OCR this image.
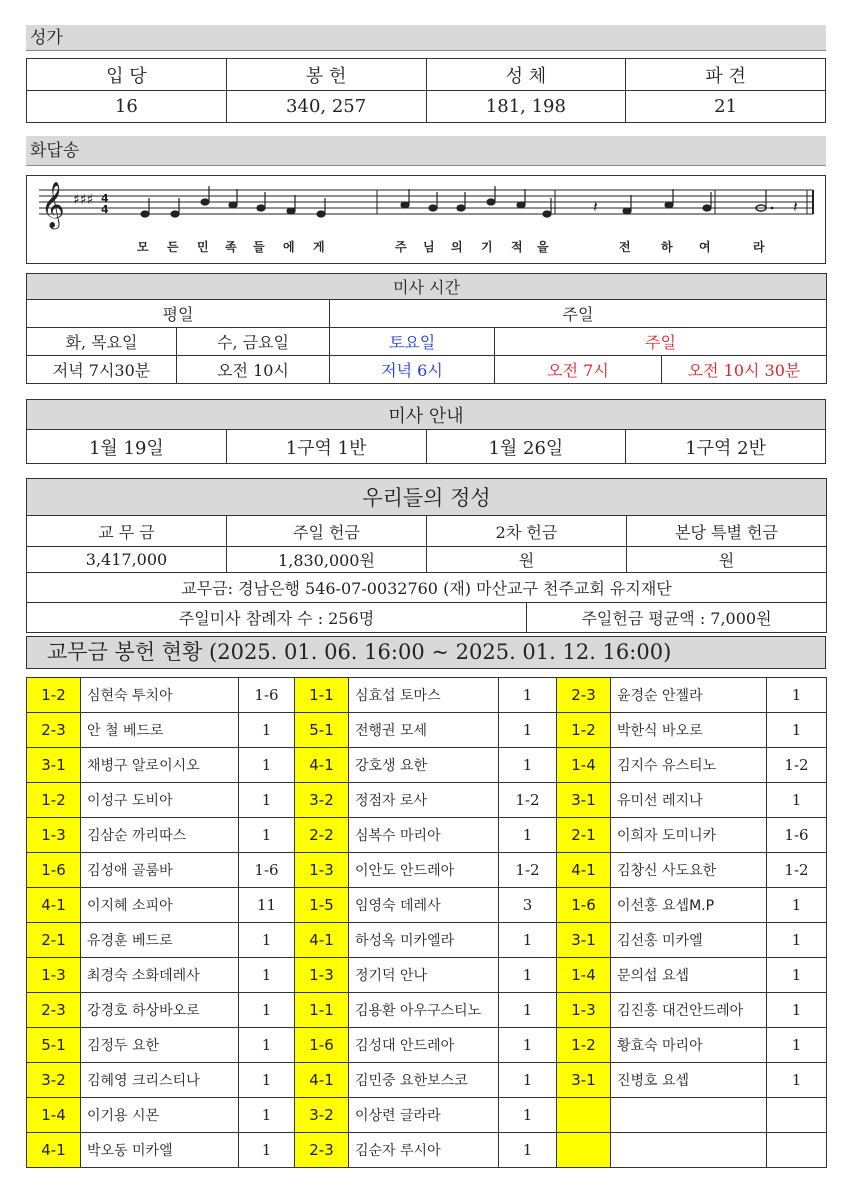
성가
입 당	봉 헌	성 체	파 견
16	340, 257	181, 198	21
화답송
𝄞 ♯♯♯ 4
4	𝄽	𝄽
모 든 민 족 들 에 게	주 님 의 기 적 을	전	하 여	라
미사 시간				
평일		주일		
화, 목요일	수, 금요일	토요일	주일	
저녁 7시30분	오전 10시	저녁 6시	오전 7시	오전 10시 30분
미사 안내
1월 19일	1구역 1반	1월 26일	1구역 2반
우리들의 정성				
교 무 금	주일 헌금	2차 헌금		본당 특별 헌금
3,417,000	1,830,000원	원		원
교무금: 경남은행 546-07-0032760 (재) 마산교구 천주교회 유지재단				
주일미사 참례자 수 : 256명			주일헌금 평균액 : 7,000원	
교무금 봉헌 현황 (2025. 01. 06. 16:00 ~ 2025. 01. 12. 16:00)
1-2	심현숙 투치아	1-6	1-1	심효섭 토마스	1	2-3	윤경순 안젤라	1
2-3	안 철 베드로	1	5-1	전행권 모세	1	1-2	박한식 바오로	1
3-1	채병구 알로이시오	1	4-1	강호생 요한	1	1-4	김지수 유스티노	1-2
1-2	이성구 도비아	1	3-2	정점자 로사	1-2	3-1	유미선 레지나	1
1-3	김삼순 까리따스	1	2-2	심복수 마리아	1	2-1	이희자 도미니카	1-6
1-6	김성애 골룸바	1-6	1-3	이안도 안드레아	1-2	4-1	김창신 사도요한	1-2
4-1	이지혜 소피아	11	1-5	임영숙 데레사	3	1-6	이선홍 요셉M.P	1
2-1	유경훈 베드로	1	4-1	하성옥 미카엘라	1	3-1	김선홍 미카엘	1
1-3	최경숙 소화데레사	1	1-3	정기덕 안나	1	1-4	문의섭 요셉	1
2-3	강경호 하상바오로	1	1-1	김용환 아우구스티노	1	1-3	김진홍 대건안드레아	1
5-1	김정두 요한	1	1-6	김성대 안드레아	1	1-2	황효숙 마리아	1
3-2	김혜영 크리스티나	1	4-1	김민중 요한보스코	1	3-1	진병호 요셉	1
1-4	이기용 시몬	1	3-2	이상련 글라라	1			
4-1	박오동 미카엘	1	2-3	김순자 루시아	1			
